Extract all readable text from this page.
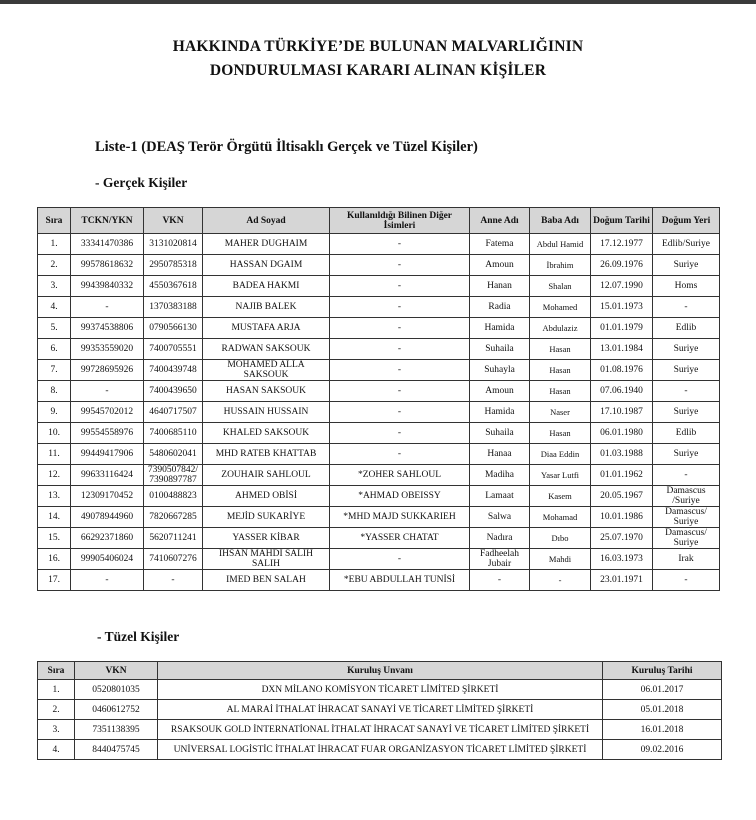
HAKKINDA TÜRKİYE’DE BULUNAN MALVARLIĞININ
DONDURULMASI KARARI ALINAN KİŞİLER
Liste-1 (DEAŞ Terör Örgütü İltisaklı Gerçek ve Tüzel Kişiler)
- Gerçek Kişiler
Sıra	TCKN/YKN	VKN	Ad Soyad	Kullanıldığı Bilinen Diğer İsimleri	Anne Adı	Baba Adı	Doğum Tarihi	Doğum Yeri
1.	33341470386	3131020814	MAHER DUGHAIM	-	Fatema	Abdul Hamid	17.12.1977	Edlib/Suriye
2.	99578618632	2950785318	HASSAN DGAIM	-	Amoun	İbrahim	26.09.1976	Suriye
3.	99439840332	4550367618	BADEA HAKMI	-	Hanan	Shalan	12.07.1990	Homs
4.	-	1370383188	NAJIB BALEK	-	Radia	Mohamed	15.01.1973	-
5.	99374538806	0790566130	MUSTAFA ARJA	-	Hamida	Abdulaziz	01.01.1979	Edlib
6.	99353559020	7400705551	RADWAN SAKSOUK	-	Suhaila	Hasan	13.01.1984	Suriye
7.	99728695926	7400439748	MOHAMED ALLA SAKSOUK	-	Suhayla	Hasan	01.08.1976	Suriye
8.	-	7400439650	HASAN SAKSOUK	-	Amoun	Hasan	07.06.1940	-
9.	99545702012	4640717507	HUSSAIN HUSSAIN	-	Hamida	Naser	17.10.1987	Suriye
10.	99554558976	7400685110	KHALED SAKSOUK	-	Suhaila	Hasan	06.01.1980	Edlib
11.	99449417906	5480602041	MHD RATEB KHATTAB	-	Hanaa	Diaa Eddin	01.03.1988	Suriye
12.	99633116424	7390507842/ 7390897787	ZOUHAIR SAHLOUL	*ZOHER SAHLOUL	Madiha	Yasar Lutfi	01.01.1962	-
13.	12309170452	0100488823	AHMED OBİSİ	*AHMAD OBEISSY	Lamaat	Kasem	20.05.1967	Damascus /Suriye
14.	49078944960	7820667285	MEJİD SUKARİYE	*MHD MAJD SUKKARIEH	Salwa	Mohamad	10.01.1986	Damascus/ Suriye
15.	66292371860	5620711241	YASSER KİBAR	*YASSER CHATAT	Nadıra	Dıbo	25.07.1970	Damascus/ Suriye
16.	99905406024	7410607276	IHSAN MAHDI SALIH SALIH	-	Fadheelah Jubair	Mahdi	16.03.1973	Irak
17.	-	-	IMED BEN SALAH	*EBU ABDULLAH TUNİSİ	-	-	23.01.1971	-
- Tüzel Kişiler
Sıra	VKN	Kuruluş Unvanı	Kuruluş Tarihi
1.	0520801035	DXN MİLANO KOMİSYON TİCARET LİMİTED ŞİRKETİ	06.01.2017
2.	0460612752	AL MARAİ İTHALAT İHRACAT SANAYİ VE TİCARET LİMİTED ŞİRKETİ	05.01.2018
3.	7351138395	RSAKSOUK GOLD İNTERNATİONAL İTHALAT İHRACAT SANAYİ VE TİCARET LİMİTED ŞİRKETİ	16.01.2018
4.	8440475745	UNİVERSAL LOGİSTİC İTHALAT İHRACAT FUAR ORGANİZASYON TİCARET LİMİTED ŞİRKETİ	09.02.2016
